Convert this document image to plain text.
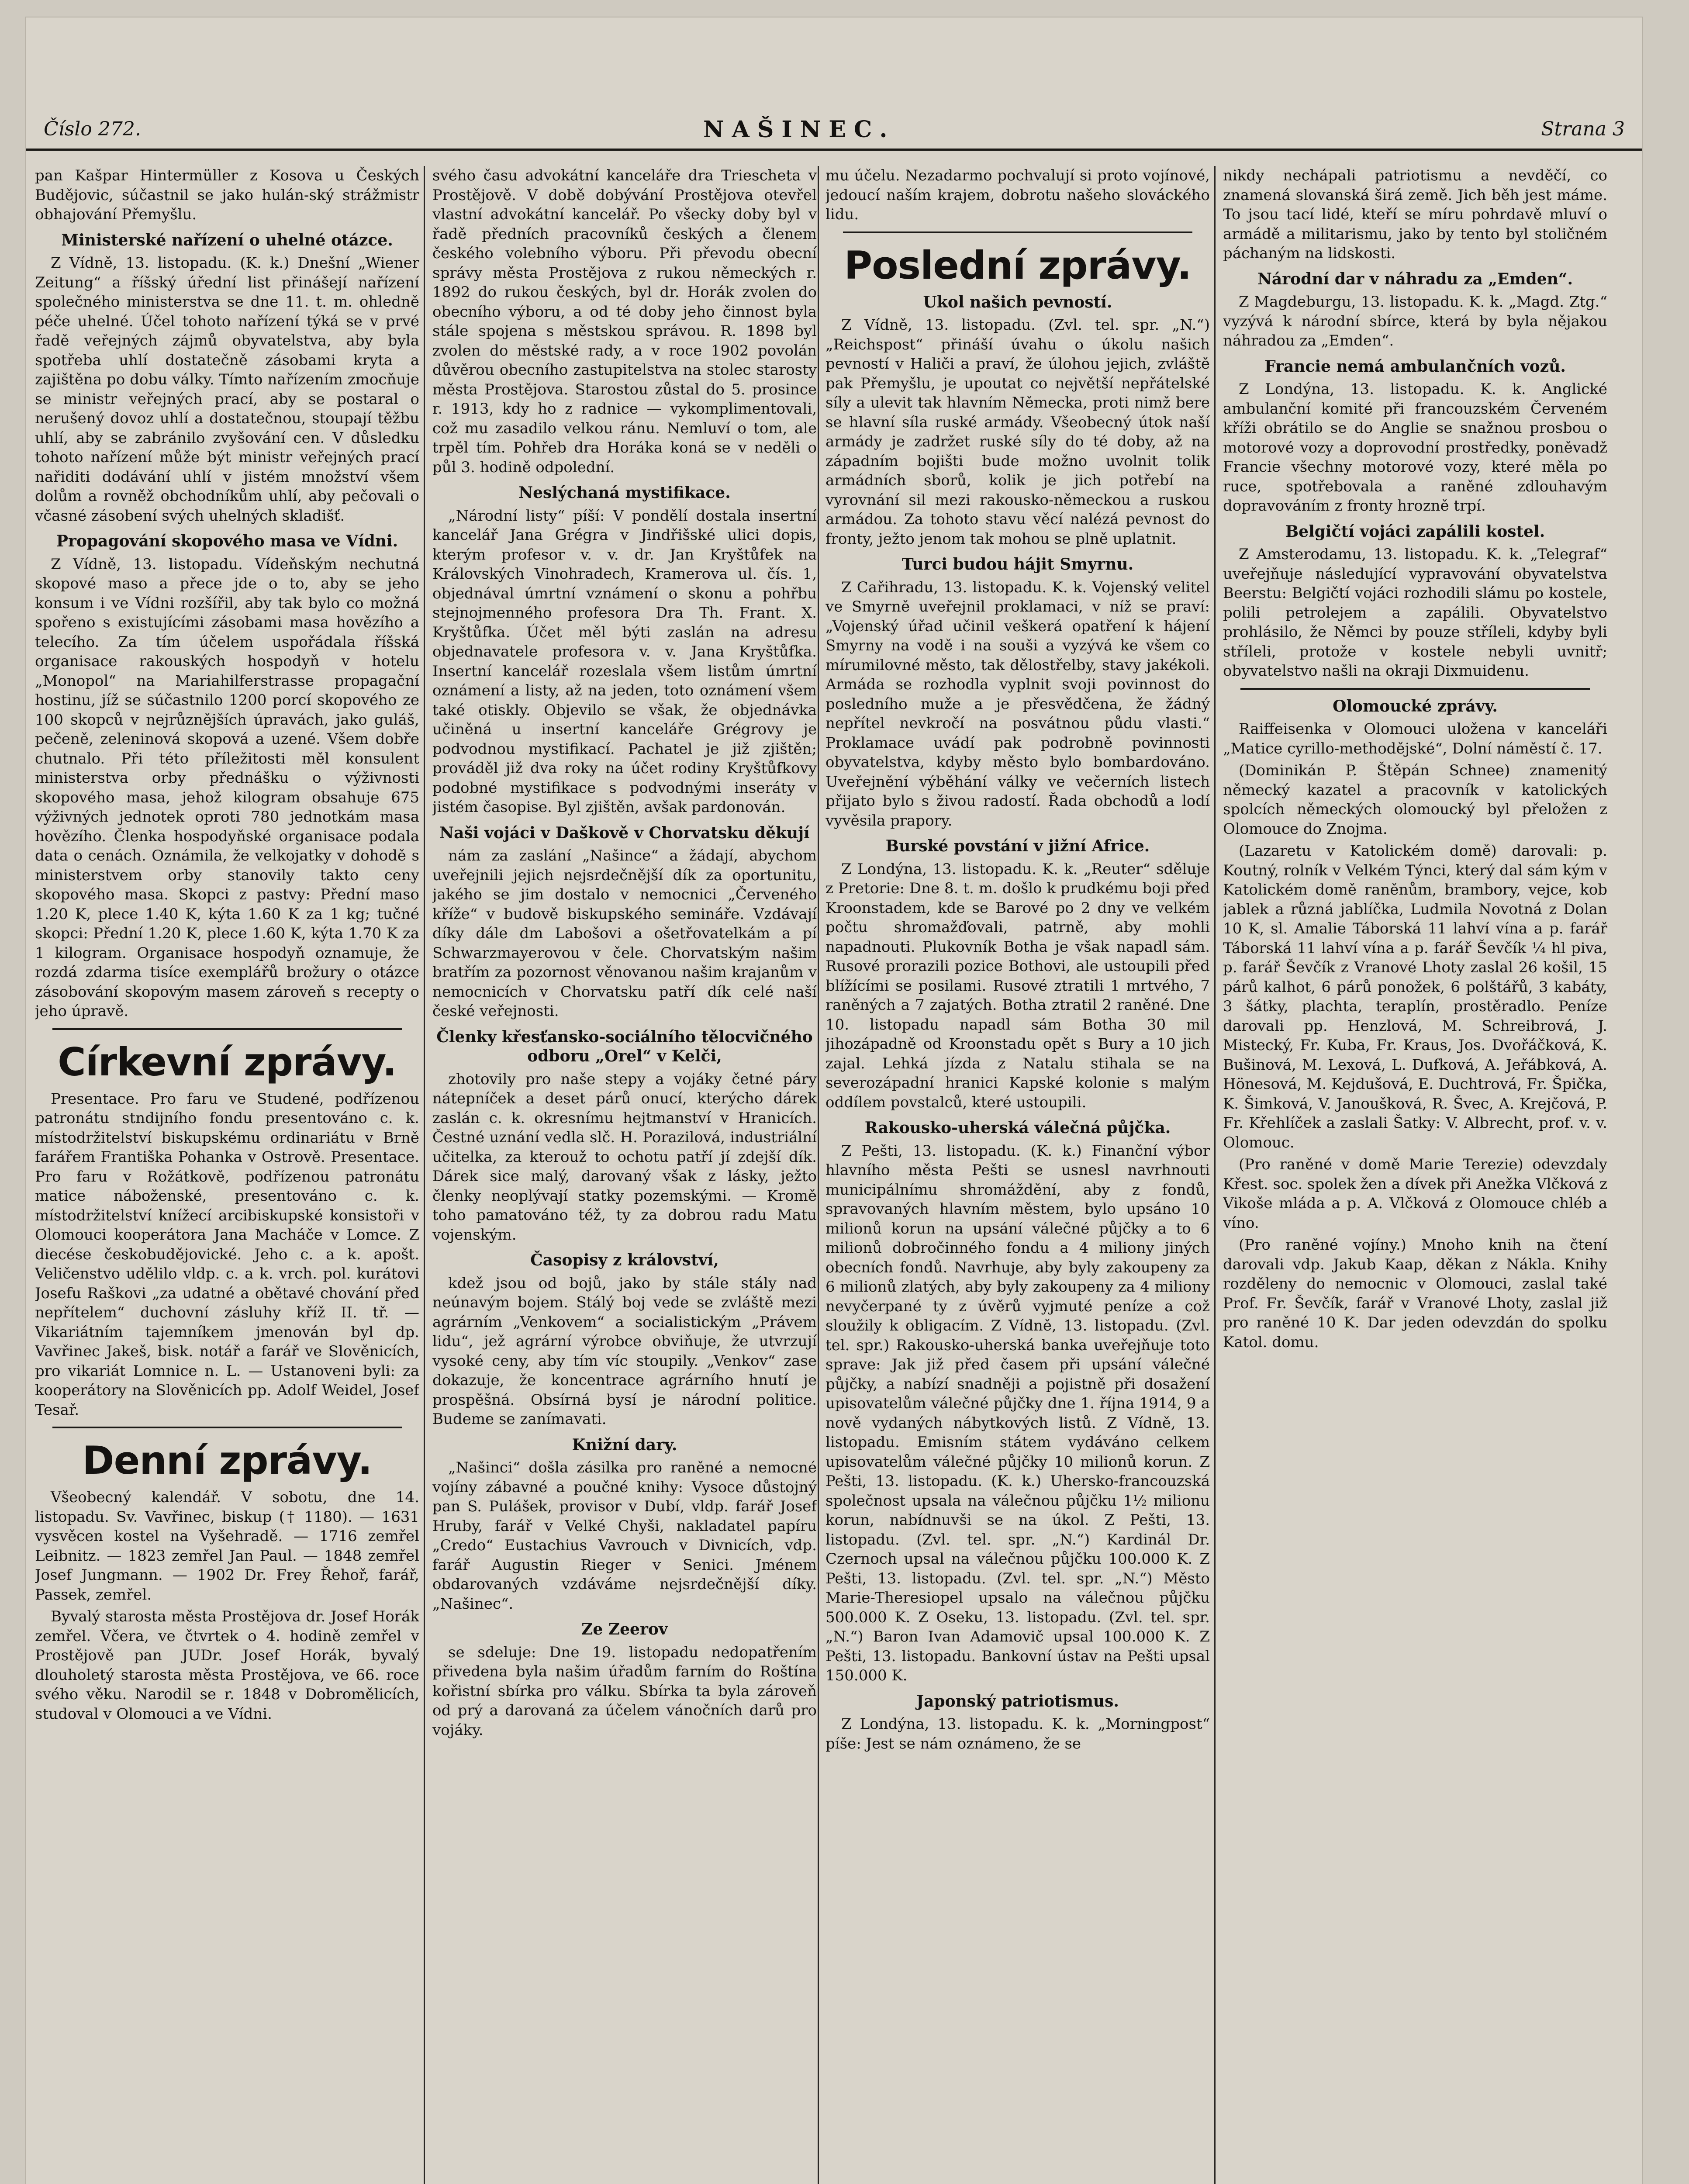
Číslo 272.	NAŠINEC.	Strana 3

pan Kašpar Hintermüller z Kosova u Českých Budějovic, súčastnil se jako hulán-ský strážmistr obhajování Přemyšlu.

Ministerské nařízení o uhelné otázce.

Z Vídně, 13. listopadu. (K. k.) Dnešní „Wiener Zeitung“ a říšský úřední list přinášejí nařízení společného ministerstva se dne 11. t. m. ohledně péče uhelné. Účel tohoto nařízení týká se v prvé řadě veřejných zájmů obyvatelstva, aby byla spotřeba uhlí dostatečně zásobami kryta a zajištěna po dobu války. Tímto nařízením zmocňuje se ministr veřejných prací, aby se postaral o nerušený dovoz uhlí a dostatečnou, stoupají těžbu uhlí, aby se zabránilo zvyšování cen. V důsledku tohoto nařízení může být ministr veřejných prací nařiditi dodávání uhlí v jistém množství všem dolům a rovněž obchodníkům uhlí, aby pečovali o včasné zásobení svých uhelných skladišť.

Propagování skopového masa ve Vídni.

Z Vídně, 13. listopadu. Vídeňským nechutná skopové maso a přece jde o to, aby se jeho konsum i ve Vídni rozšířil, aby tak bylo co možná spořeno s existujícími zásobami masa hovězího a telecího. Za tím účelem uspořádala říšská organisace rakouských hospodyň v hotelu „Monopol“ na Mariahilferstrasse propagační hostinu, jíž se súčastnilo 1200 porcí skopového ze 100 skopců v nejrůznějších úpravách, jako guláš, pečeně, zeleninová skopová a uzené. Všem dobře chutnalo. Při této příležitosti měl konsulent ministerstva orby přednášku o výživnosti skopového masa, jehož kilogram obsahuje 675 výživných jednotek oproti 780 jednotkám masa hovězího. Členka hospodyňské organisace podala data o cenách. Oznámila, že velkojatky v dohodě s ministerstvem orby stanovily takto ceny skopového masa. Skopci z pastvy: Přední maso 1.20 K, plece 1.40 K, kýta 1.60 K za 1 kg; tučné skopci: Přední 1.20 K, plece 1.60 K, kýta 1.70 K za 1 kilogram. Organisace hospodyň oznamuje, že rozdá zdarma tisíce exemplářů brožury o otázce zásobování skopovým masem zároveň s recepty o jeho úpravě.

Církevní zprávy.

Presentace. Pro faru ve Studené, podřízenou patronátu stndijního fondu presentováno c. k. místodržitelství biskupskému ordinariátu v Brně farářem Františka Pohanka v Ostrově. Presentace. Pro faru v Rožátkově, podřízenou patronátu matice náboženské, presentováno c. k. místodržitelství knížecí arcibiskupské konsistoři v Olomouci kooperátora Jana Macháče v Lomce. Z diecése českobudějovické. Jeho c. a k. apošt. Veličenstvo udělilo vldp. c. a k. vrch. pol. kurátovi Josefu Raškovi „za udatné a obětavé chování před nepřítelem“ duchovní zásluhy kříž II. tř. — Vikariátním tajemníkem jmenován byl dp. Vavřinec Jakeš, bisk. notář a farář ve Slověnicích, pro vikariát Lomnice n. L. — Ustanoveni byli: za kooperátory na Slověnicích pp. Adolf Weidel, Josef Tesař.

Denní zprávy.

Všeobecný kalendář. V sobotu, dne 14. listopadu. Sv. Vavřinec, biskup († 1180). — 1631 vysvěcen kostel na Vyšehradě. — 1716 zemřel Leibnitz. — 1823 zemřel Jan Paul. — 1848 zemřel Josef Jungmann. — 1902 Dr. Frey Řehoř, farář, Passek, zemřel.

Byvalý starosta města Prostějova dr. Josef Horák zemřel. Včera, ve čtvrtek o 4. hodině zemřel v Prostějově pan JUDr. Josef Horák, byvalý dlouholetý starosta města Prostějova, ve 66. roce svého věku. Narodil se r. 1848 v Dobromělicích, studoval v Olomouci a ve Vídni.

svého času advokátní kanceláře dra Triescheta v Prostějově. V době dobývání Prostějova otevřel vlastní advokátní kancelář. Po všecky doby byl v řadě předních pracovníků českých a členem českého volebního výboru. Při převodu obecní správy města Prostějova z rukou německých r. 1892 do rukou českých, byl dr. Horák zvolen do obecního výboru, a od té doby jeho činnost byla stále spojena s městskou správou. R. 1898 byl zvolen do městské rady, a v roce 1902 povolán důvěrou obecního zastupitelstva na stolec starosty města Prostějova. Starostou zůstal do 5. prosince r. 1913, kdy ho z radnice — vykomplimentovali, což mu zasadilo velkou ránu. Nemluví o tom, ale trpěl tím. Pohřeb dra Horáka koná se v neděli o půl 3. hodině odpolední.

Neslýchaná mystifikace.

„Národní listy“ píší: V pondělí dostala insertní kancelář Jana Grégra v Jindřišské ulici dopis, kterým profesor v. v. dr. Jan Kryštůfek na Královských Vinohradech, Kramerova ul. čís. 1, objednával úmrtní vznámení o skonu a pohřbu stejnojmenného profesora Dra Th. Frant. X. Kryštůfka. Účet měl býti zaslán na adresu objednavatele profesora v. v. Jana Kryštůfka. Insertní kancelář rozeslala všem listům úmrtní oznámení a listy, až na jeden, toto oznámení všem také otiskly. Objevilo se však, že objednávka učiněná u insertní kanceláře Grégrovy je podvodnou mystifikací. Pachatel je již zjištěn; prováděl již dva roky na účet rodiny Kryštůfkovy podobné mystifikace s podvodnými inseráty v jistém časopise. Byl zjištěn, avšak pardonován.

Naši vojáci v Daškově v Chorvatsku děkují

nám za zaslání „Našince“ a žádají, abychom uveřejnili jejich nejsrdečnější dík za oportunitu, jakého se jim dostalo v nemocnici „Červeného kříže“ v budově biskupského semináře. Vzdávají díky dále dm Labošovi a ošetřovatelkám a pí Schwarzmayerovou v čele. Chorvatským našim bratřím za pozornost věnovanou našim krajanům v nemocnicích v Chorvatsku patří dík celé naší české veřejnosti.

Členky křesťansko-sociálního tělocvičného odboru „Orel“ v Kelči,

zhotovily pro naše stepy a vojáky četné páry nátepníček a deset párů onucí, kterýcho dárek zaslán c. k. okresnímu hejtmanství v Hranicích. Čestné uznání vedla slč. H. Porazilová, industriální učitelka, za kterouž to ochotu patří jí zdejší dík. Dárek sice malý, darovaný však z lásky, ježto členky neoplývají statky pozemskými. — Kromě toho pamatováno též, ty za dobrou radu Matu vojenským.

Časopisy z království,

kdež jsou od bojů, jako by stále stály nad neúnavým bojem. Stálý boj vede se zvláště mezi agrárním „Venkovem“ a socialistickým „Právem lidu“, jež agrární výrobce obviňuje, že utvrzují vysoké ceny, aby tím víc stoupily. „Venkov“ zase dokazuje, že koncentrace agrárního hnutí je prospěšná. Obsírná bysí je národní politice. Budeme se zanímavati.

Knižní dary.

„Našinci“ došla zásilka pro raněné a nemocné vojíny zábavné a poučné knihy: Vysoce důstojný pan S. Pulášek, provisor v Dubí, vldp. farář Josef Hruby, farář v Velké Chyši, nakladatel papíru „Credo“ Eustachius Vavrouch v Divnicích, vdp. farář Augustin Rieger v Senici. Jménem obdarovaných vzdáváme nejsrdečnější díky. „Našinec“.

Ze Zeerov

se sdeluje: Dne 19. listopadu nedopatřením přivedena byla našim úřadům farním do Roštína kořistní sbírka pro válku. Sbírka ta byla zároveň od prý a darovaná za účelem vánočních darů pro vojáky.

mu účelu. Nezadarmo pochvalují si proto vojínové, jedoucí naším krajem, dobrotu našeho slováckého lidu.

Poslední zprávy.
Ukol našich pevností.

Z Vídně, 13. listopadu. (Zvl. tel. spr. „N.“) „Reichspost“ přináší úvahu o úkolu našich pevností v Haliči a praví, že úlohou jejich, zvláště pak Přemyšlu, je upoutat co největší nepřátelské síly a ulevit tak hlavním Německa, proti nimž bere se hlavní síla ruské armády. Všeobecný útok naší armády je zadržet ruské síly do té doby, až na západním bojišti bude možno uvolnit tolik armádních sborů, kolik je jich potřebí na vyrovnání sil mezi rakousko-německou a ruskou armádou. Za tohoto stavu věcí nalézá pevnost do fronty, ježto jenom tak mohou se plně uplatnit.

Turci budou hájit Smyrnu.

Z Cařihradu, 13. listopadu. K. k. Vojenský velitel ve Smyrně uveřejnil proklamaci, v níž se praví: „Vojenský úřad učinil veškerá opatření k hájení Smyrny na vodě i na souši a vyzývá ke všem co mírumilovné město, tak dělostřelby, stavy jakékoli. Armáda se rozhodla vyplnit svoji povinnost do posledního muže a je přesvědčena, že žádný nepřítel nevkročí na posvátnou půdu vlasti.“ Proklamace uvádí pak podrobně povinnosti obyvatelstva, kdyby město bylo bombardováno. Uveřejnění výběhání války ve večerních listech přijato bylo s živou radostí. Řada obchodů a lodí vyvěsila prapory.

Burské povstání v jižní Africe.

Z Londýna, 13. listopadu. K. k. „Reuter“ sděluje z Pretorie: Dne 8. t. m. došlo k prudkému boji před Kroonstadem, kde se Barové po 2 dny ve velkém počtu shromažďovali, patrně, aby mohli napadnouti. Plukovník Botha je však napadl sám. Rusové prorazili pozice Bothovi, ale ustoupili před blížícími se posilami. Rusové ztratili 1 mrtvého, 7 raněných a 7 zajatých. Botha ztratil 2 raněné. Dne 10. listopadu napadl sám Botha 30 mil jihozápadně od Kroonstadu opět s Bury a 10 jich zajal. Lehká jízda z Natalu stihala se na severozápadní hranici Kapské kolonie s malým oddílem povstalců, které ustoupili.

Rakousko-uherská válečná půjčka.

Z Pešti, 13. listopadu. (K. k.) Finanční výbor hlavního města Pešti se usnesl navrhnouti municipálnímu shromáždění, aby z fondů, spravovaných hlavním městem, bylo upsáno 10 milionů korun na upsání válečné půjčky a to 6 milionů dobročinného fondu a 4 miliony jiných obecních fondů. Navrhuje, aby byly zakoupeny za 6 milionů zlatých, aby byly zakoupeny za 4 miliony nevyčerpané ty z úvěrů vyjmuté peníze a což sloužily k obligacím. Z Vídně, 13. listopadu. (Zvl. tel. spr.) Rakousko-uherská banka uveřejňuje toto sprave: Jak již před časem při upsání válečné půjčky, a nabízí snadněji a pojistně při dosažení upisovatelům válečné půjčky dne 1. října 1914, 9 a nově vydaných nábytkových listů. Z Vídně, 13. listopadu. Emisním státem vydáváno celkem upisovatelům válečné půjčky 10 milionů korun. Z Pešti, 13. listopadu. (K. k.) Uhersko-francouzská společnost upsala na válečnou půjčku 1½ milionu korun, nabídnuvši se na úkol. Z Pešti, 13. listopadu. (Zvl. tel. spr. „N.“) Kardinál Dr. Czernoch upsal na válečnou půjčku 100.000 K. Z Pešti, 13. listopadu. (Zvl. tel. spr. „N.“) Město Marie-Theresiopel upsalo na válečnou půjčku 500.000 K. Z Oseku, 13. listopadu. (Zvl. tel. spr. „N.“) Baron Ivan Adamovič upsal 100.000 K. Z Pešti, 13. listopadu. Bankovní ústav na Pešti upsal 150.000 K.

Japonský patriotismus.

Z Londýna, 13. listopadu. K. k. „Morningpost“ píše: Jest se nám oznámeno, že se

nikdy nechápali patriotismu a nevděčí, co znamená slovanská širá země. Jich běh jest máme. To jsou tací lidé, kteří se míru pohrdavě mluví o armádě a militarismu, jako by tento byl stoličném páchaným na lidskosti.

Národní dar v náhradu za „Emden“.

Z Magdeburgu, 13. listopadu. K. k. „Magd. Ztg.“ vyzývá k národní sbírce, která by byla nějakou náhradou za „Emden“.

Francie nemá ambulančních vozů.

Z Londýna, 13. listopadu. K. k. Anglické ambulanční komité při francouzském Červeném kříži obrátilo se do Anglie se snažnou prosbou o motorové vozy a doprovodní prostředky, poněvadž Francie všechny motorové vozy, které měla po ruce, spotřebovala a raněné zdlouhavým dopravováním z fronty hrozně trpí.

Belgičtí vojáci zapálili kostel.

Z Amsterodamu, 13. listopadu. K. k. „Telegraf“ uveřejňuje následující vypravování obyvatelstva Beerstu: Belgičtí vojáci rozhodili slámu po kostele, polili petrolejem a zapálili. Obyvatelstvo prohlásilo, že Němci by pouze stříleli, kdyby byli stříleli, protože v kostele nebyli uvnitř; obyvatelstvo našli na okraji Dixmuidenu.

Olomoucké zprávy.

Raiffeisenka v Olomouci uložena v kanceláři „Matice cyrillo-methodějské“, Dolní náměstí č. 17.

(Dominikán P. Štěpán Schnee) znamenitý německý kazatel a pracovník v katolických spolcích německých olomoucký byl přeložen z Olomouce do Znojma.

(Lazaretu v Katolickém domě) darovali: p. Koutný, rolník v Velkém Týnci, který dal sám kým v Katolickém domě raněnům, brambory, vejce, kob jablek a různá jablíčka, Ludmila Novotná z Dolan 10 K, sl. Amalie Táborská 11 lahví vína a p. farář Táborská 11 lahví vína a p. farář Ševčík ¼ hl piva, p. farář Ševčík z Vranové Lhoty zaslal 26 košil, 15 párů kalhot, 6 párů ponožek, 6 polštářů, 3 kabáty, 3 šátky, plachta, teraplín, prostěradlo. Peníze darovali pp. Henzlová, M. Schreibrová, J. Mistecký, Fr. Kuba, Fr. Kraus, Jos. Dvořáčková, K. Bušinová, M. Lexová, L. Dufková, A. Jeřábková, A. Hönesová, M. Kejdušová, E. Duchtrová, Fr. Špička, K. Šimková, V. Janoušková, R. Švec, A. Krejčová, P. Fr. Křehlíček a zaslali Šatky: V. Albrecht, prof. v. v. Olomouc.

(Pro raněné v domě Marie Terezie) odevzdaly Křest. soc. spolek žen a dívek při Anežka Vlčková z Vikoše mláda a p. A. Vlčková z Olomouce chléb a víno.

(Pro raněné vojíny.) Mnoho knih na čtení darovali vdp. Jakub Kaap, děkan z Nákla. Knihy rozděleny do nemocnic v Olomouci, zaslal také Prof. Fr. Ševčík, farář v Vranové Lhoty, zaslal již pro raněné 10 K. Dar jeden odevzdán do spolku Katol. domu.
